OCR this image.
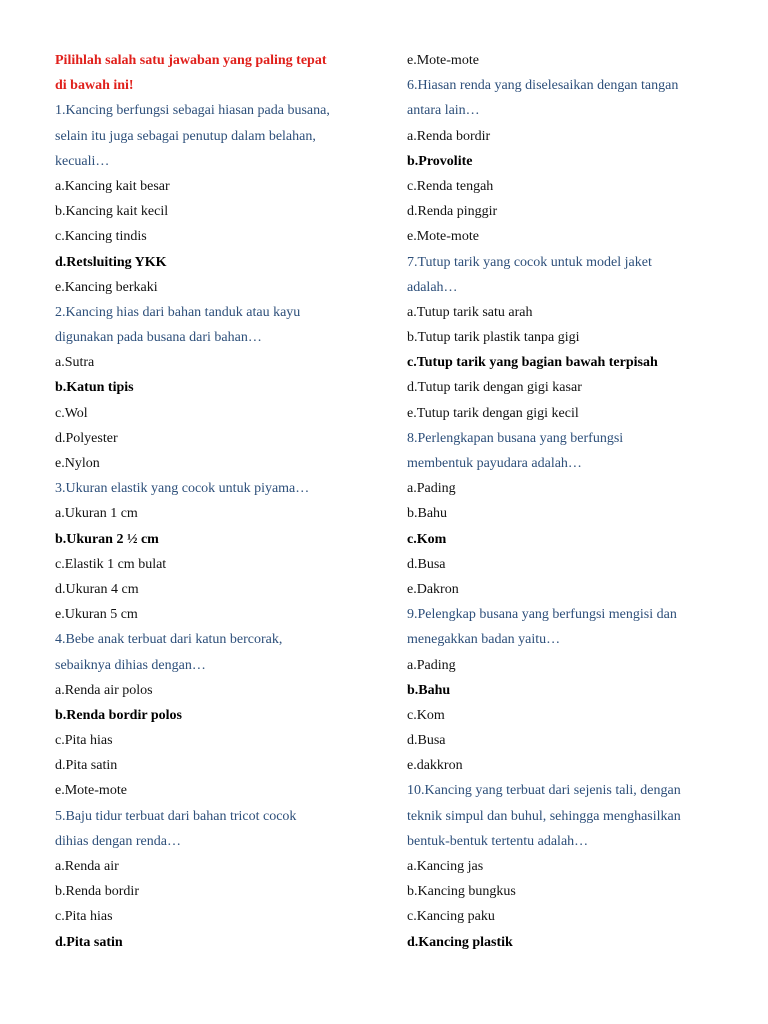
Pilihlah salah satu jawaban yang paling tepat
di bawah ini!
1.Kancing berfungsi sebagai hiasan pada busana,
selain itu juga sebagai penutup dalam belahan,
kecuali…
a.Kancing kait besar
b.Kancing kait kecil
c.Kancing tindis
d.Retsluiting YKK
e.Kancing berkaki
2.Kancing hias dari bahan tanduk atau kayu
digunakan pada busana dari bahan…
a.Sutra
b.Katun tipis
c.Wol
d.Polyester
e.Nylon
3.Ukuran elastik yang cocok untuk piyama…
a.Ukuran 1 cm
b.Ukuran 2 ½ cm
c.Elastik 1 cm bulat
d.Ukuran 4 cm
e.Ukuran 5 cm
4.Bebe anak terbuat dari katun bercorak,
sebaiknya dihias dengan…
a.Renda air polos
b.Renda bordir polos
c.Pita hias
d.Pita satin
e.Mote-mote
5.Baju tidur terbuat dari bahan tricot cocok
dihias dengan renda…
a.Renda air
b.Renda bordir
c.Pita hias
d.Pita satin
e.Mote-mote
6.Hiasan renda yang diselesaikan dengan tangan
antara lain…
a.Renda bordir
b.Provolite
c.Renda tengah
d.Renda pinggir
e.Mote-mote
7.Tutup tarik yang cocok untuk model jaket
adalah…
a.Tutup tarik satu arah
b.Tutup tarik plastik tanpa gigi
c.Tutup tarik yang bagian bawah terpisah
d.Tutup tarik dengan gigi kasar
e.Tutup tarik dengan gigi kecil
8.Perlengkapan busana yang berfungsi
membentuk payudara adalah…
a.Pading
b.Bahu
c.Kom
d.Busa
e.Dakron
9.Pelengkap busana yang berfungsi mengisi dan
menegakkan badan yaitu…
a.Pading
b.Bahu
c.Kom
d.Busa
e.dakkron
10.Kancing yang terbuat dari sejenis tali, dengan
teknik simpul dan buhul, sehingga menghasilkan
bentuk-bentuk tertentu adalah…
a.Kancing jas
b.Kancing bungkus
c.Kancing paku
d.Kancing plastik
